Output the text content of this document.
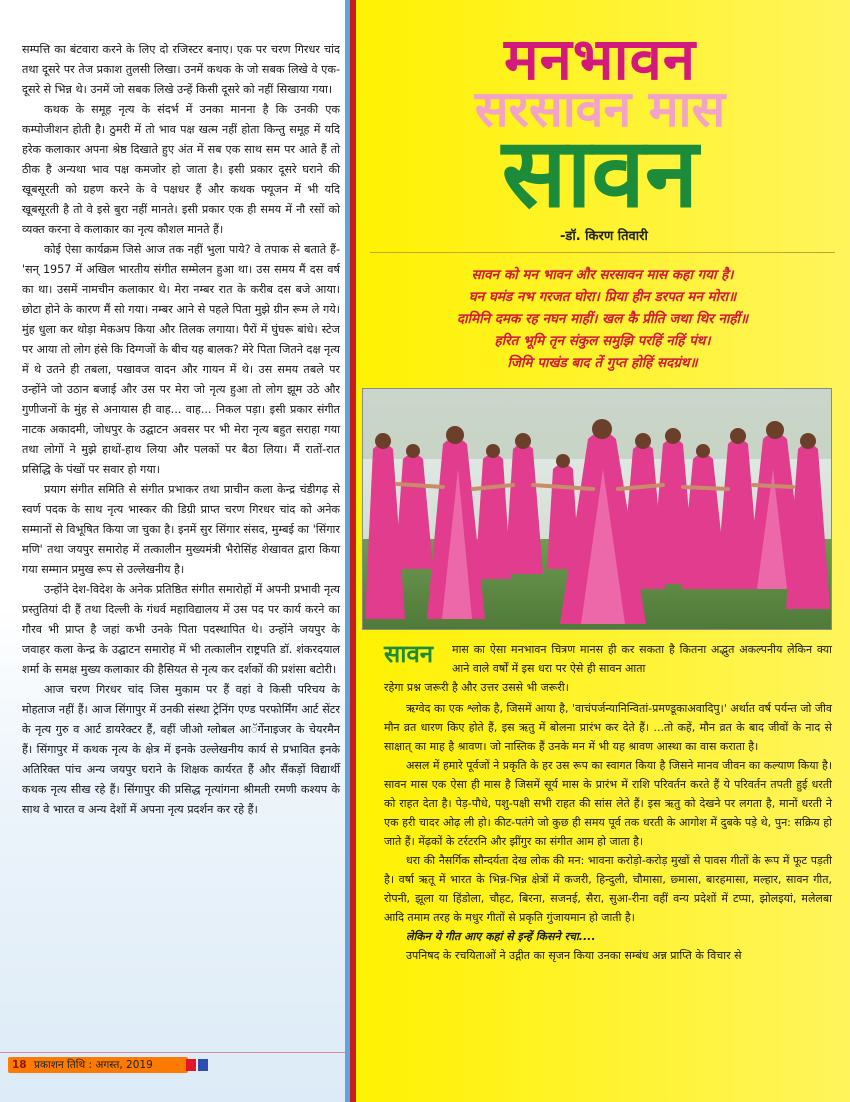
सम्पत्ति का बंटवारा करने के लिए दो रजिस्टर बनाए। एक पर चरण गिरधर चांद तथा दूसरे पर तेज प्रकाश तुलसी लिखा। उनमें कथक के जो सबक लिखे वे एक-दूसरे से भिन्न थे। उनमें जो सबक लिखे उन्हें किसी दूसरे को नहीं सिखाया गया।

कथक के समूह नृत्य के संदर्भ में उनका मानना है कि उनकी एक कम्पोजीशन होती है। ठुमरी में तो भाव पक्ष खत्म नहीं होता किन्तु समूह में यदि हरेक कलाकार अपना श्रेष्ठ दिखाते हुए अंत में सब एक साथ सम पर आते हैं तो ठीक है अन्यथा भाव पक्ष कमजोर हो जाता है। इसी प्रकार दूसरे घराने की खूबसूरती को ग्रहण करने के वे पक्षधर हैं और कथक फ्यूजन में भी यदि खूबसूरती है तो वे इसे बुरा नहीं मानते। इसी प्रकार एक ही समय में नौ रसों को व्यक्त करना वे कलाकार का नृत्य कौशल मानते हैं।

कोई ऐसा कार्यक्रम जिसे आज तक नहीं भुला पाये? वे तपाक से बताते हैं- 'सन् 1957 में अखिल भारतीय संगीत सम्मेलन हुआ था। उस समय मैं दस वर्ष का था। उसमें नामचीन कलाकार थे। मेरा नम्बर रात के करीब दस बजे आया। छोटा होने के कारण मैं सो गया। नम्बर आने से पहले पिता मुझे ग्रीन रूम ले गये। मुंह धुला कर थोड़ा मेकअप किया और तिलक लगाया। पैरों में घुंघरू बांधे। स्टेज पर आया तो लोग हंसे कि दिग्गजों के बीच यह बालक? मेरे पिता जितने दक्ष नृत्य में थे उतने ही तबला, पखावज वादन और गायन में थे। उस समय तबले पर उन्होंने जो उठान बजाई और उस पर मेरा जो नृत्य हुआ तो लोग झूम उठे और गुणीजनों के मुंह से अनायास ही वाह... वाह... निकल पड़ा। इसी प्रकार संगीत नाटक अकादमी, जोधपुर के उद्घाटन अवसर पर भी मेरा नृत्य बहुत सराहा गया तथा लोगों ने मुझे हाथों-हाथ लिया और पलकों पर बैठा लिया। मैं रातों-रात प्रसिद्धि के पंखों पर सवार हो गया।

प्रयाग संगीत समिति से संगीत प्रभाकर तथा प्राचीन कला केन्द्र चंडीगढ़ से स्वर्ण पदक के साथ नृत्य भास्कर की डिग्री प्राप्त चरण गिरधर चांद को अनेक सम्मानों से विभूषित किया जा चुका है। इनमें सुर सिंगार संसद, मुम्बई का 'सिंगार मणि' तथा जयपुर समारोह में तत्कालीन मुख्यमंत्री भैरोसिंह शेखावत द्वारा किया गया सम्मान प्रमुख रूप से उल्लेखनीय है।

उन्होंने देश-विदेश के अनेक प्रतिष्ठित संगीत समारोहों में अपनी प्रभावी नृत्य प्रस्तुतियां दी हैं तथा दिल्ली के गंधर्व महाविद्यालय में उस पद पर कार्य करने का गौरव भी प्राप्त है जहां कभी उनके पिता पदस्थापित थे। उन्होंने जयपुर के जवाहर कला केन्द्र के उद्घाटन समारोह में भी तत्कालीन राष्ट्रपति डॉ. शंकरदयाल शर्मा के समक्ष मुख्य कलाकार की हैसियत से नृत्य कर दर्शकों की प्रशंसा बटोरी।

आज चरण गिरधर चांद जिस मुकाम पर हैं वहां वे किसी परिचय के मोहताज नहीं हैं। आज सिंगापुर में उनकी संस्था ट्रेनिंग एण्ड परफोर्मिंग आर्ट सेंटर के नृत्य गुरु व आर्ट डायरेक्टर हैं, वहीं जीओ ग्लोबल आॅर्गेनाइजर के चेयरमैन हैं। सिंगापुर में कथक नृत्य के क्षेत्र में इनके उल्लेखनीय कार्य से प्रभावित इनके अतिरिक्त पांच अन्य जयपुर घराने के शिक्षक कार्यरत हैं और सैंकड़ों विद्यार्थी कथक नृत्य सीख रहे हैं। सिंगापुर की प्रसिद्ध नृत्यांगना श्रीमती रमणी कश्यप के साथ वे भारत व अन्य देशों में अपना नृत्य प्रदर्शन कर रहे हैं।

18 प्रकाशन तिथि : अगस्त, 2019
मनभावन
सरसावन मास
सावन
-डॉ. किरण तिवारी
सावन को मन भावन और सरसावन मास कहा गया है।
घन घमंड नभ गरजत घोरा। प्रिया हीन डरपत मन मोरा॥
दामिनि दमक रह नघन माहीं। खल कै प्रीति जथा थिर नाहीं॥
हरित भूमि तृन संकुल समुझि परहिं नहिं पंथ।
जिमि पाखंड बाद तें गुप्त होहिं सदग्रंथ॥
सावन मास का ऐसा मनभावन चित्रण मानस ही कर सकता है कितना अद्भुत अकल्पनीय लेकिन क्या आने वाले वर्षों में इस धरा पर ऐसे ही सावन आता
रहेगा प्रश्न जरूरी है और उत्तर उससे भी जरूरी।

ऋग्वेद का एक श्लोक है, जिसमें आया है, 'वाचंपर्जन्यानिन्वितां-प्रमण्डूकाअवादिपु।' अर्थात वर्ष पर्यन्त जो जीव मौन व्रत धारण किए होते हैं, इस ऋतु में बोलना प्रारंभ कर देते हैं। ...तो कहें, मौन व्रत के बाद जीवों के नाद से साक्षात् का माह है श्रावण। जो नास्तिक हैं उनके मन में भी यह श्रावण आस्था का वास कराता है।

असल में हमारे पूर्वजों ने प्रकृति के हर उस रूप का स्वागत किया है जिसने मानव जीवन का कल्याण किया है। सावन मास एक ऐसा ही मास है जिसमें सूर्य मास के प्रारंभ में राशि परिवर्तन करते हैं ये परिवर्तन तपती हुई धरती को राहत देता है। पेड़-पौधे, पशु-पक्षी सभी राहत की सांस लेते हैं। इस ऋतु को देखने पर लगता है, मानों धरती ने एक हरी चादर ओढ़ ली हो। कीट-पतंगे जो कुछ ही समय पूर्व तक धरती के आगोश में दुबके पड़े थे, पुन: सक्रिय हो जाते हैं। मेंढ़कों के टर्रटरनि और झींगुर का संगीत आम हो जाता है।

धरा की नैसर्गिक सौन्दर्यता देख लोक की मन: भावना करोड़ो-करोड़ मुखों से पावस गीतों के रूप में फूट पड़ती है। वर्षा ऋतू में भारत के भिन्न-भिन्न क्षेत्रों में कजरी, हिन्दुली, चौमासा, छ्मासा, बारहमासा, मल्हार, सावन गीत, रोपनी, झूला या हिंडोला, चौहट, बिरना, सजनई, सैरा, सुआ-रीना वहीं वन्य प्रदेशों में टप्पा, झोलइयां, मलेलबा आदि तमाम तरह के मधुर गीतों से प्रकृति गुंजायमान हो जाती है।

लेकिन ये गीत आए कहां से इन्हें किसने रचा....

उपनिषद के रचयिताओं ने उद्गीत का सृजन किया उनका सम्बंध अन्न प्राप्ति के विचार से
